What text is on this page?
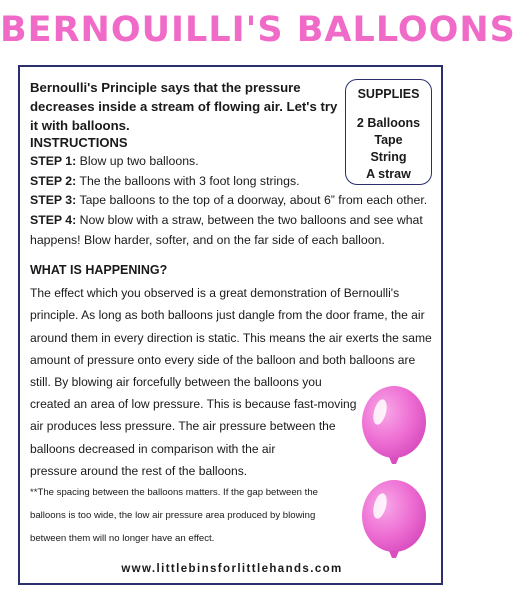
BERNOUILLI'S BALLOONS
Bernoulli's Principle says that the pressure decreases inside a stream of flowing air. Let's try it with balloons.
SUPPLIES
2 Balloons
Tape
String
A straw
INSTRUCTIONS
STEP 1: Blow up two balloons.
STEP 2: The the balloons with 3 foot long strings.
STEP 3: Tape balloons to the top of a doorway, about 6” from each other.
STEP 4: Now blow with a straw, between the two balloons and see what
happens! Blow harder, softer, and on the far side of each balloon.
WHAT IS HAPPENING?
The effect which you observed is a great demonstration of Bernoulli's
principle. As long as both balloons just dangle from the door frame, the air
around them in every direction is static. This means the air exerts the same
amount of pressure onto every side of the balloon and both balloons are
still. By blowing air forcefully between the balloons you
created an area of low pressure. This is because fast-moving
air produces less pressure. The air pressure between the
balloons decreased in comparison with the air
pressure around the rest of the balloons.
**The spacing between the balloons matters. If the gap between the
balloons is too wide, the low air pressure area produced by blowing
between them will no longer have an effect.
www.littlebinsforlittlehands.com
